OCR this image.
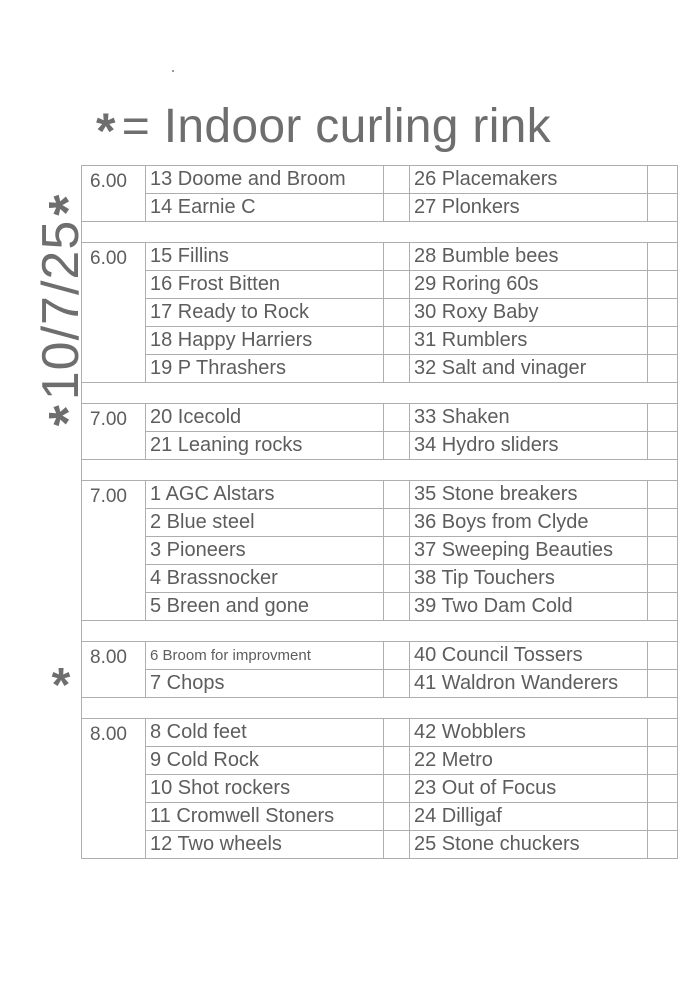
* = Indoor curling rink
*10/7/25*
*
6.00	13 Doome and Broom		26 Placemakers	
	14 Earnie C		27 Plonkers	

6.00	15 Fillins		28 Bumble bees	
	16 Frost Bitten		29 Roring 60s	
	17 Ready to Rock		30 Roxy Baby	
	18 Happy Harriers		31 Rumblers	
	19 P Thrashers		32 Salt and vinager	

7.00	20 Icecold		33 Shaken	
	21 Leaning rocks		34 Hydro sliders	

7.00	1 AGC Alstars		35 Stone breakers	
	2 Blue steel		36 Boys from Clyde	
	3 Pioneers		37 Sweeping Beauties	
	4 Brassnocker		38 Tip Touchers	
	5 Breen and gone		39 Two Dam Cold	

8.00	6 Broom for improvment		40 Council Tossers	
	7 Chops		41 Waldron Wanderers	

8.00	8 Cold feet		42 Wobblers	
	9 Cold Rock		22 Metro	
	10 Shot rockers		23 Out of Focus	
	11 Cromwell Stoners		24 Dilligaf	
	12 Two wheels		25 Stone chuckers	
